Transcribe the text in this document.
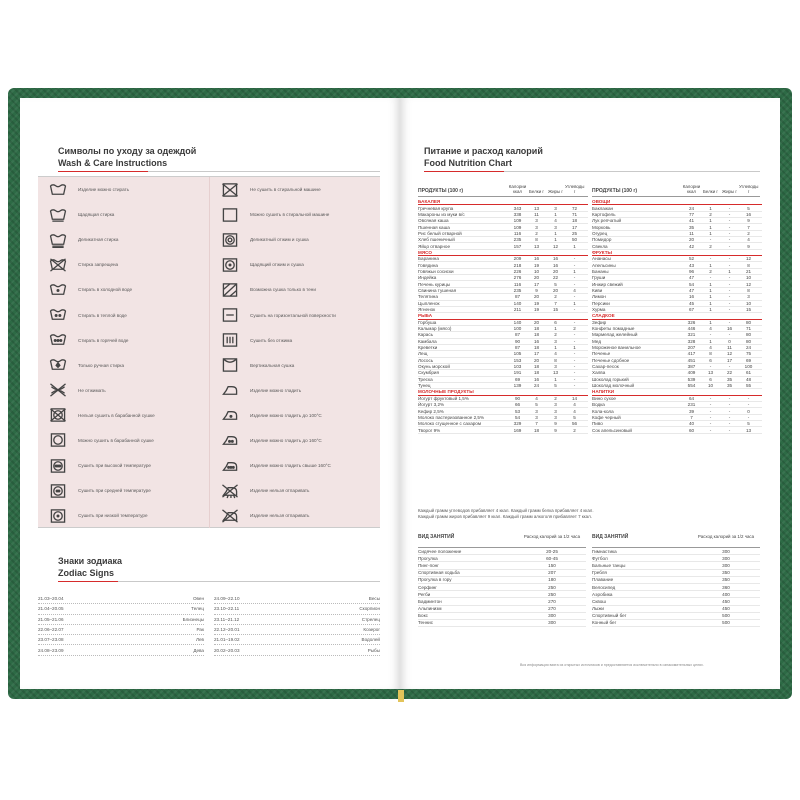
Символы по уходу за одеждой
Wash & Care Instructions
Изделие можно стирать
Щадящая стирка
Деликатная стирка
Стирка запрещена
Стирать в холодной воде
Стирать в теплой воде
Стирать в горячей воде
Только ручная стирка
Не отжимать
Нельзя сушить в барабанной сушке
Можно сушить в барабанной сушке
Сушить при высокой температуре
Сушить при средней температуре
Сушить при низкой температуре
Не сушить в стиральной машине
Можно сушить в стиральной машине
Деликатный отжим и сушка
Щадящий отжим и сушка
Возможна сушка только в тени
Сушить на горизонтальной поверхности
Сушить без отжима
Вертикальная сушка
Изделие можно гладить
Изделие можно гладить до 100°C
Изделие можно гладить до 160°C
Изделие можно гладить свыше 160°C
Изделие нельзя отпаривать
Изделие нельзя отпаривать
Знаки зодиака
Zodiac Signs
21.03–20.04	Овен
21.04–20.05	Телец
21.05–21.06	Близнецы
22.06–22.07	Рак
23.07–23.08	Лев
24.08–23.09	Дева
24.09–22.10	Весы
23.10–22.11	Скорпион
23.11–21.12	Стрелец
22.12–20.01	Козерог
21.01–19.02	Водолей
20.02–20.03	Рыбы
Питание и расход калорий
Food Nutrition Chart
ПРОДУКТЫ (100 г)
Калории ккал	Белки г Жиры г
Углеводы г	ПРОДУКТЫ (100 г)
Калории ккал	Белки г Жиры г
Углеводы г
БАКАЛЕЯ
Гречневая крупа	343	13	3	72
Макароны из муки в/с	338	11	1	71
Овсяная каша	109	3	4	18
Пшенная каша	109	3	3	17
Рис белый отварной	116	2	1	25
Хлеб пшеничный	235	8	1	50
Яйцо отварное	157	13	12	1
МЯСО
Баранина	209	16	16	-
Говядина	218	19	16	-
Говяжьи сосиски	226	10	20	1
Индейка	276	20	22	-
Печень курицы	116	17	5	-
Свинина тушеная	235	9	20	4
Телятина	87	20	2	-
Цыпленок	140	19	7	1
Ягненок	211	19	15	-
РЫБА
Горбуша	140	20	6	-
Кальмар (мясо)	100	18	1	2
Карась	87	18	2	-
Камбала	90	16	3	-
Креветки	87	18	1	1
Лещ	105	17	4	-
Лосось	153	20	8	-
Окунь морской	103	18	3	-
Скумбрия	191	18	13	-
Треска	69	16	1	-
Тунец	139	24	5	-
МОЛОЧНЫЕ ПРОДУКТЫ
Йогурт фруктовый 1,5%	90	4	2	14
Йогурт 3,2%	66	5	3	4
Кефир 2,5%	53	3	3	4
Молоко пастеризованное 2,5%	54	3	3	5
Молоко сгущенное с сахаром	329	7	9	56
Творог 9%	169	18	9	2
ОВОЩИ
Баклажан	24	1	-	5
Картофель	77	2	-	16
Лук репчатый	41	1	-	9
Морковь	35	1	-	7
Огурец	11	1	-	2
Помидор	20	-	-	4
Свекла	42	2	-	9
ФРУКТЫ
Ананасы	52	-	-	12
Апельсины	43	1	-	8
Бананы	96	2	1	21
Груши	47	-	-	10
Инжир свежий	54	1	-	12
Киви	47	1	-	8
Лимон	16	1	-	3
Персики	45	1	-	10
Хурма	67	1	-	15
СЛАДКОЕ
Зефир	326	1	-	80
Конфеты помадные	446	4	16	71
Мармелад желейный	321	-	-	80
Мед	328	1	0	80
Мороженое ванильное	207	4	11	24
Печенье	417	8	12	75
Печенье сдобное	451	6	17	69
Сахар-песок	387	-	-	100
Халва	409	13	22	61
Шоколад горький	539	6	35	48
Шоколад молочный	554	10	35	55
НАПИТКИ
Вино сухое	64	-	-	-
Водка	231	-	-	-
Кола-кола	39	-	-	0
Кофе черный	7	-	-	-
Пиво	40	-	-	5
Сок апельсиновый	60	-	-	13
Каждый грамм углеводов прибавляет 4 ккал. Каждый грамм белка прибавляет 4 ккал.
Каждый грамм жиров прибавляет 9 ккал. Каждый грамм алкоголя прибавляет 7 ккал.
ВИД ЗАНЯТИЙ	Расход калорий за 1/2 часа
Сидячее положение	20-25
Прогулка	60-45
Пинг-понг	150
Спортивная ходьба	207
Прогулка в гору	180
Серфинг	250
Регби	250
Бадминтон	270
Альпинизм	270
Бокс	300
Теннис	300
ВИД ЗАНЯТИЙ	Расход калорий за 1/2 часа
Гимнастика	300
Футбол	300
Бальные танцы	300
Гребля	350
Плавание	350
Велосипед	360
Аэробика	400
Сквош	450
Лыжи	450
Спортивный бег	500
Конный бег	500
Вся информация взята из открытых источников и предоставляется исключительно в ознакомительных целях.
